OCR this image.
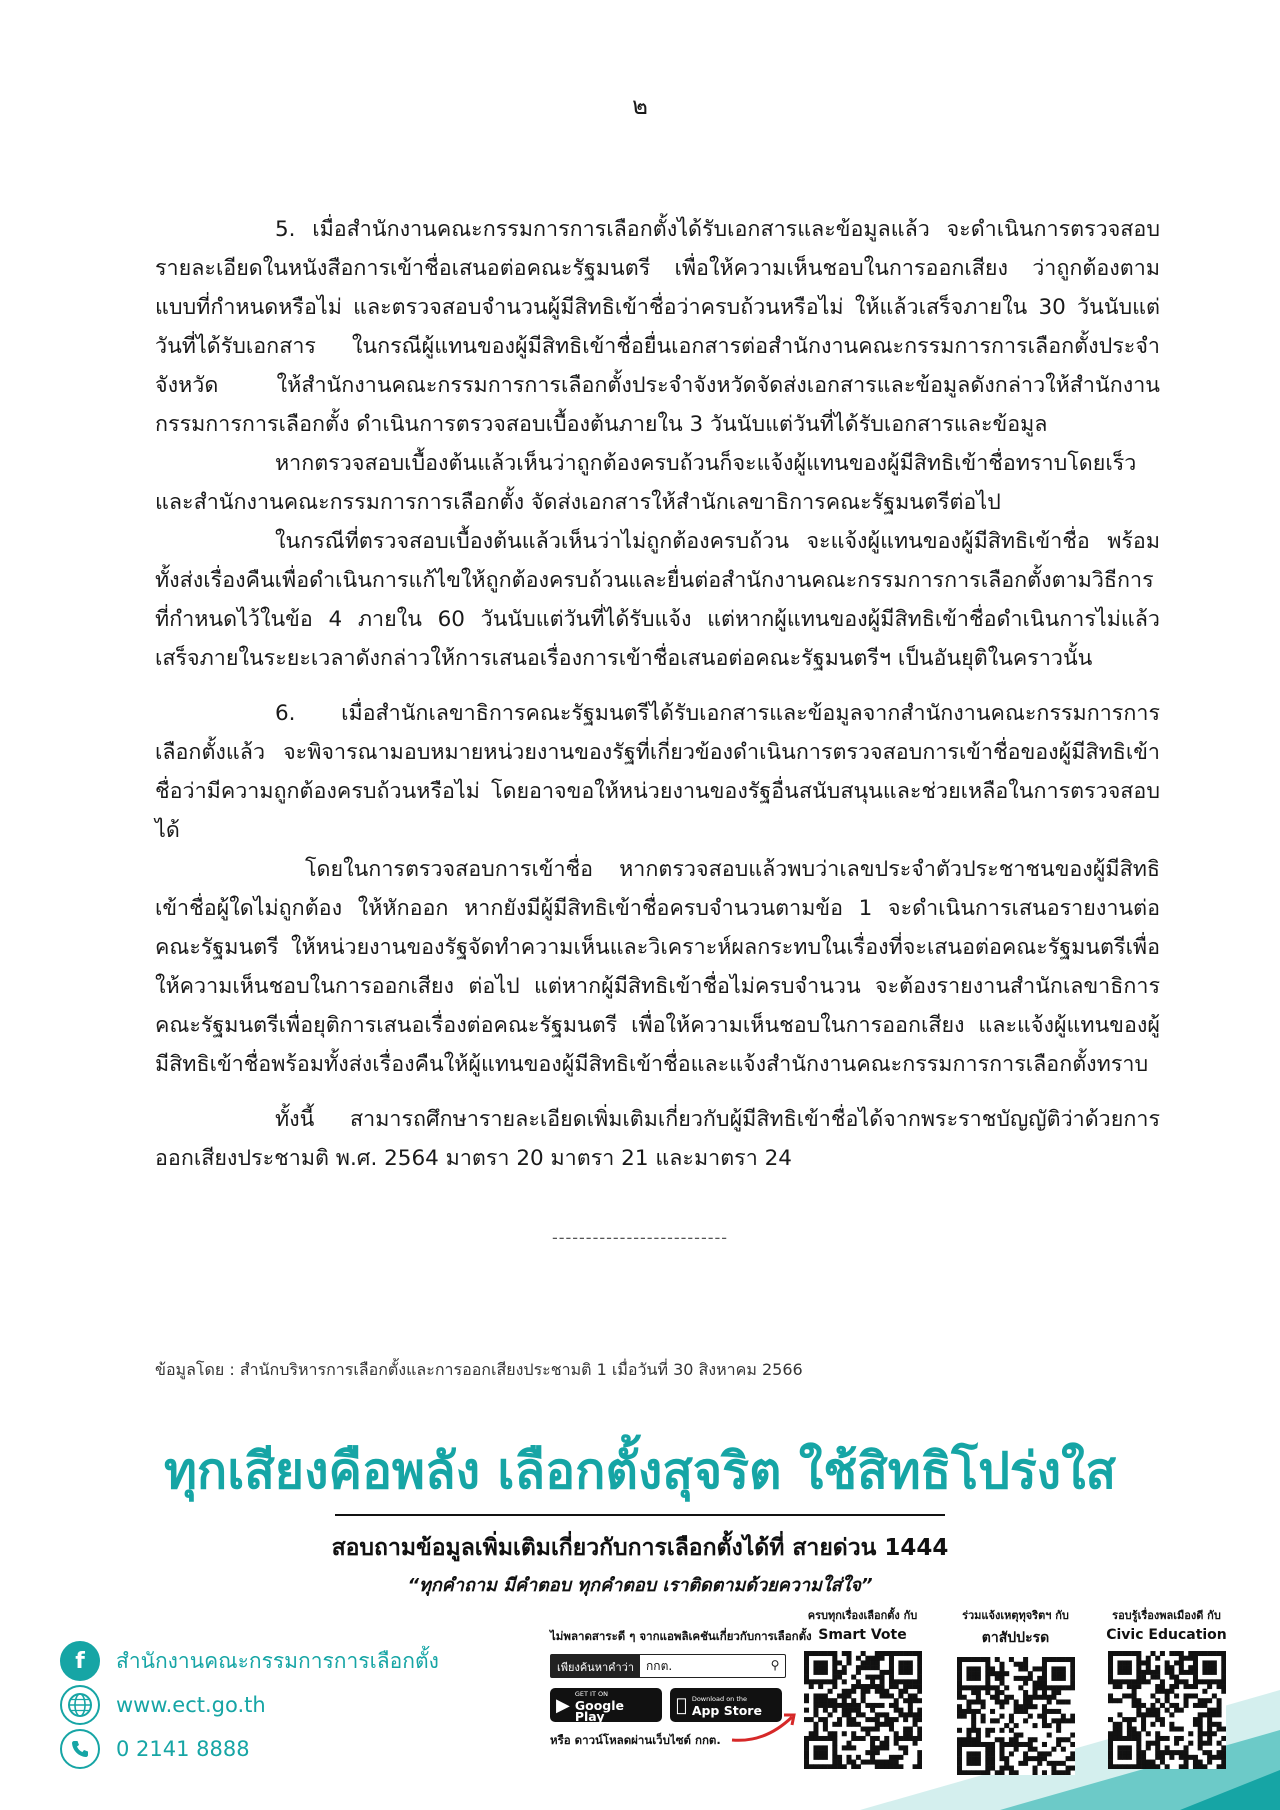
๒

5. เมื่อสำนักงานคณะกรรมการการเลือกตั้งได้รับเอกสารและข้อมูลแล้ว จะดำเนินการตรวจสอบรายละเอียดในหนังสือการเข้าชื่อเสนอต่อคณะรัฐมนตรี เพื่อให้ความเห็นชอบในการออกเสียง ว่าถูกต้องตามแบบที่กำหนดหรือไม่ และตรวจสอบจำนวนผู้มีสิทธิเข้าชื่อว่าครบถ้วนหรือไม่ ให้แล้วเสร็จภายใน 30 วันนับแต่วันที่ได้รับเอกสาร ในกรณีผู้แทนของผู้มีสิทธิเข้าชื่อยื่นเอกสารต่อสำนักงานคณะกรรมการการเลือกตั้งประจำจังหวัด ให้สำนักงานคณะกรรมการการเลือกตั้งประจำจังหวัดจัดส่งเอกสารและข้อมูลดังกล่าวให้สำนักงานกรรมการการเลือกตั้ง ดำเนินการตรวจสอบเบื้องต้นภายใน 3 วันนับแต่วันที่ได้รับเอกสารและข้อมูล

หากตรวจสอบเบื้องต้นแล้วเห็นว่าถูกต้องครบถ้วนก็จะแจ้งผู้แทนของผู้มีสิทธิเข้าชื่อทราบโดยเร็ว และสำนักงานคณะกรรมการการเลือกตั้ง จัดส่งเอกสารให้สำนักเลขาธิการคณะรัฐมนตรีต่อไป

ในกรณีที่ตรวจสอบเบื้องต้นแล้วเห็นว่าไม่ถูกต้องครบถ้วน จะแจ้งผู้แทนของผู้มีสิทธิเข้าชื่อ พร้อมทั้งส่งเรื่องคืนเพื่อดำเนินการแก้ไขให้ถูกต้องครบถ้วนและยื่นต่อสำนักงานคณะกรรมการการเลือกตั้งตามวิธีการที่กำหนดไว้ในข้อ 4 ภายใน 60 วันนับแต่วันที่ได้รับแจ้ง แต่หากผู้แทนของผู้มีสิทธิเข้าชื่อดำเนินการไม่แล้วเสร็จภายในระยะเวลาดังกล่าวให้การเสนอเรื่องการเข้าชื่อเสนอต่อคณะรัฐมนตรีฯ เป็นอันยุติในคราวนั้น

6. เมื่อสำนักเลขาธิการคณะรัฐมนตรีได้รับเอกสารและข้อมูลจากสำนักงานคณะกรรมการการเลือกตั้งแล้ว จะพิจารณามอบหมายหน่วยงานของรัฐที่เกี่ยวข้องดำเนินการตรวจสอบการเข้าชื่อของผู้มีสิทธิเข้าชื่อว่ามีความถูกต้องครบถ้วนหรือไม่ โดยอาจขอให้หน่วยงานของรัฐอื่นสนับสนุนและช่วยเหลือในการตรวจสอบได้

โดยในการตรวจสอบการเข้าชื่อ หากตรวจสอบแล้วพบว่าเลขประจำตัวประชาชนของผู้มีสิทธิเข้าชื่อผู้ใดไม่ถูกต้อง ให้หักออก หากยังมีผู้มีสิทธิเข้าชื่อครบจำนวนตามข้อ 1 จะดำเนินการเสนอรายงานต่อคณะรัฐมนตรี ให้หน่วยงานของรัฐจัดทำความเห็นและวิเคราะห์ผลกระทบในเรื่องที่จะเสนอต่อคณะรัฐมนตรีเพื่อให้ความเห็นชอบในการออกเสียง ต่อไป แต่หากผู้มีสิทธิเข้าชื่อไม่ครบจำนวน จะต้องรายงานสำนักเลขาธิการคณะรัฐมนตรีเพื่อยุติการเสนอเรื่องต่อคณะรัฐมนตรี เพื่อให้ความเห็นชอบในการออกเสียง และแจ้งผู้แทนของผู้มีสิทธิเข้าชื่อพร้อมทั้งส่งเรื่องคืนให้ผู้แทนของผู้มีสิทธิเข้าชื่อและแจ้งสำนักงานคณะกรรมการการเลือกตั้งทราบ

ทั้งนี้ สามารถศึกษารายละเอียดเพิ่มเติมเกี่ยวกับผู้มีสิทธิเข้าชื่อได้จากพระราชบัญญัติว่าด้วยการออกเสียงประชามติ พ.ศ. 2564 มาตรา 20 มาตรา 21 และมาตรา 24

--------------------------
ข้อมูลโดย : สำนักบริหารการเลือกตั้งและการออกเสียงประชามติ 1 เมื่อวันที่ 30 สิงหาคม 2566
ทุกเสียงคือพลัง เลือกตั้งสุจริต ใช้สิทธิโปร่งใส
สอบถามข้อมูลเพิ่มเติมเกี่ยวกับการเลือกตั้งได้ที่ สายด่วน 1444
“ทุกคำถาม มีคำตอบ ทุกคำตอบ เราติดตามด้วยความใส่ใจ”
f	สำนักงานคณะกรรมการการเลือกตั้ง
www.ect.go.th
0 2141 8888
ไม่พลาดสาระดี ๆ จากแอพลิเคชันเกี่ยวกับการเลือกตั้ง
เพียงค้นหาคำว่า	กกต.	⚲
▶
GET IT ON
Google Play
Download on the
App Store
หรือ ดาวน์โหลดผ่านเว็บไซต์ กกต.
ครบทุกเรื่องเลือกตั้ง กับ
Smart Vote
ร่วมแจ้งเหตุทุจริตฯ กับ
ตาสัปปะรด
รอบรู้เรื่องพลเมืองดี กับ
Civic Education
